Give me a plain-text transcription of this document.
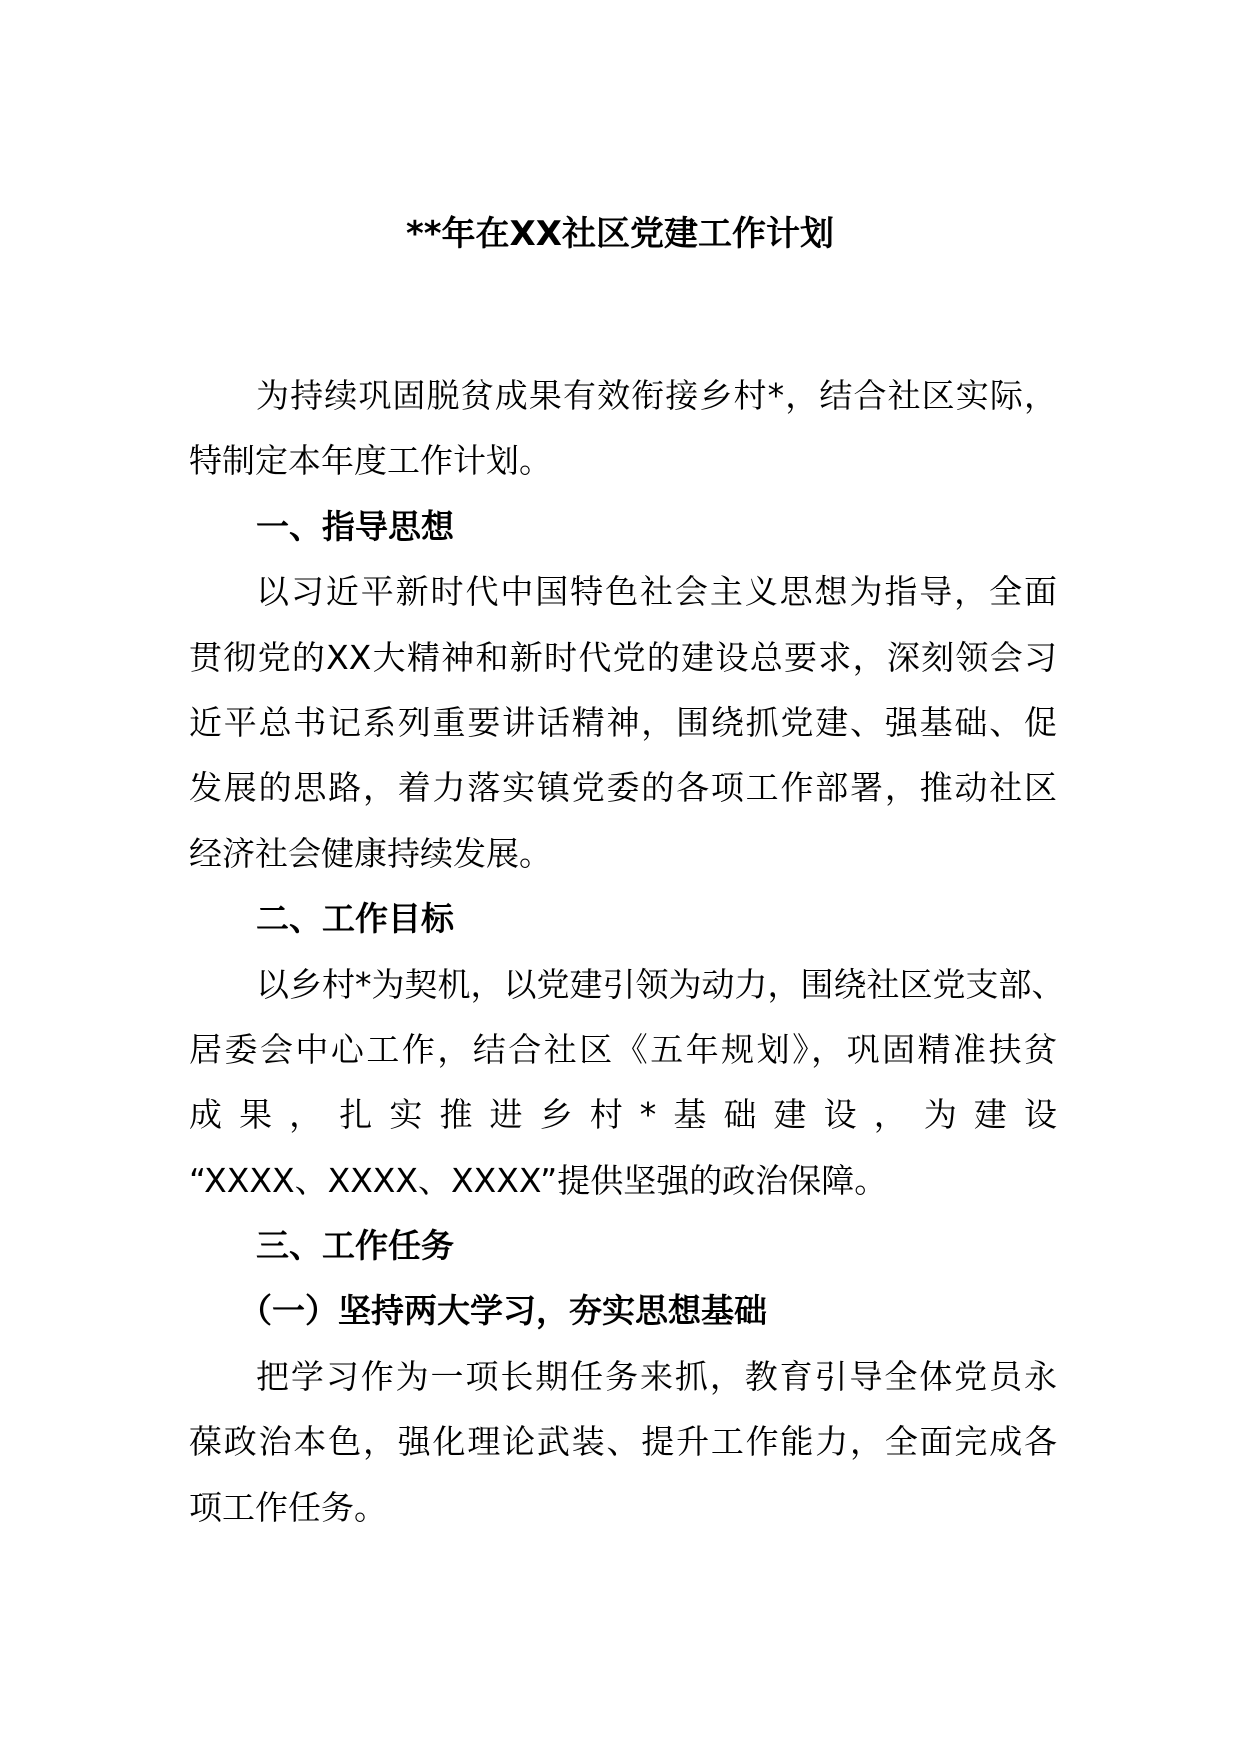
**年在XX社区党建工作计划
为持续巩固脱贫成果有效衔接乡村*，结合社区实际，
特制定本年度工作计划。
一、指导思想
以习近平新时代中国特色社会主义思想为指导，全面
贯彻党的XX大精神和新时代党的建设总要求，深刻领会习
近平总书记系列重要讲话精神，围绕抓党建、强基础、促
发展的思路，着力落实镇党委的各项工作部署，推动社区
经济社会健康持续发展。
二、工作目标
以乡村*为契机，以党建引领为动力，围绕社区党支部、
居委会中心工作，结合社区《五年规划》，巩固精准扶贫
成果，扎实推进乡村*基础建设，为建设
“XXXX、XXXX、XXXX”提供坚强的政治保障。
三、工作任务
（一）坚持两大学习，夯实思想基础
把学习作为一项长期任务来抓，教育引导全体党员永
葆政治本色，强化理论武装、提升工作能力，全面完成各
项工作任务。
